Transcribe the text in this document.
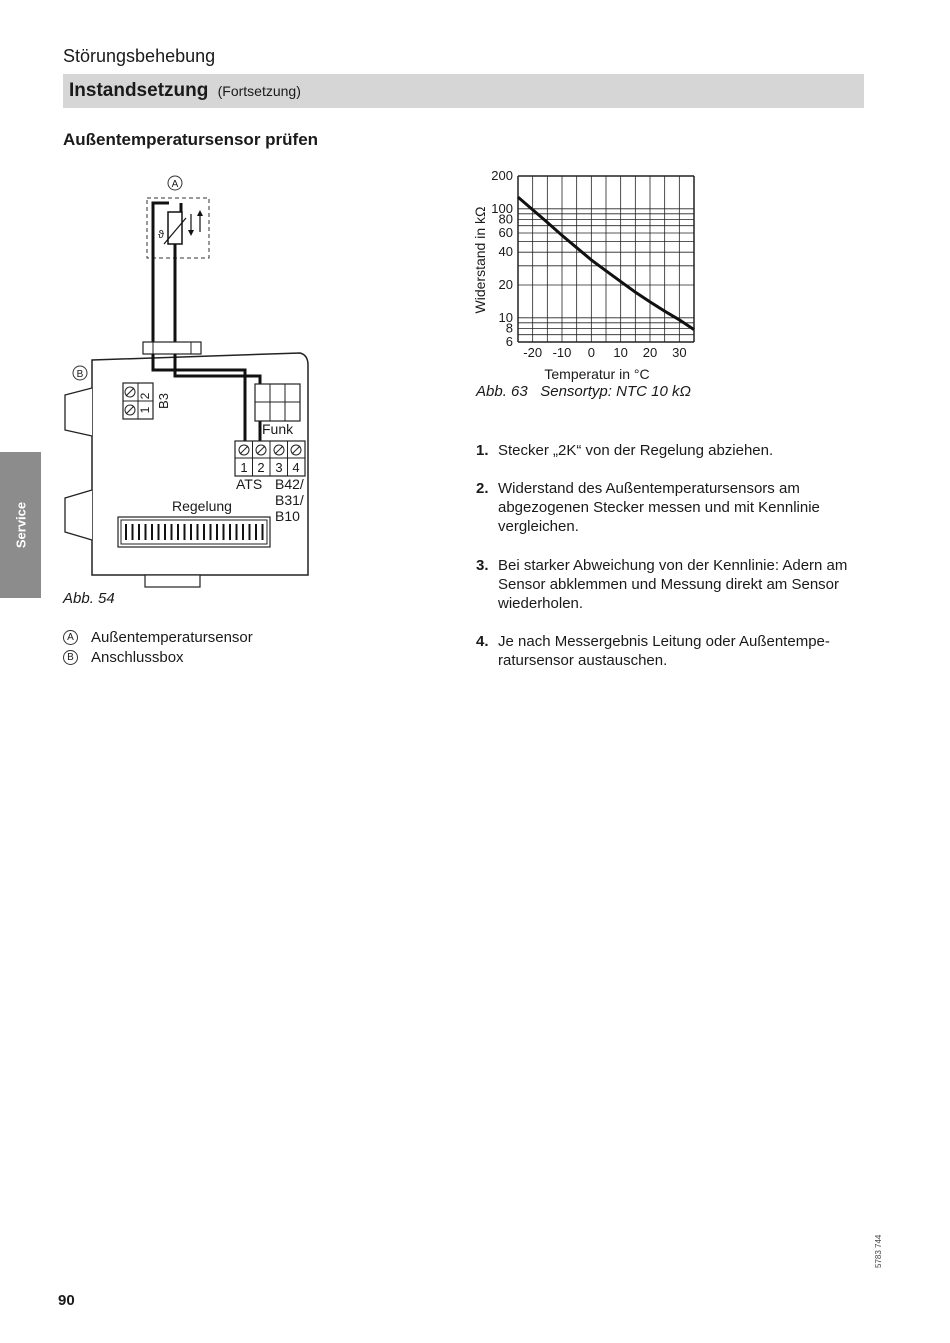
Störungsbehebung
Instandsetzung (Fortsetzung)
Außentemperatursensor prüfen
Service
A
ϑ
B
2
1
B3
Funk
1 2 3 4
ATS B42/
B31/
B10
Regelung
Abb. 54
A Außentemperatursensor
B Anschlussbox
200
100
80
60
40
20
10
8
6
-20 -10 0 10 20 30
Widerstand in kΩ
Temperatur in °C
Abb. 63 Sensortyp: NTC 10 kΩ
1. Stecker „2K“ von der Regelung abziehen.
2. Widerstand des Außentemperatursensors am abgezogenen Stecker messen und mit Kennlinie vergleichen.
3. Bei starker Abweichung von der Kennlinie: Adern am Sensor abklemmen und Messung direkt am Sensor wiederholen.
4. Je nach Messergebnis Leitung oder Außentempe-ratursensor austauschen.
90
5783 744
